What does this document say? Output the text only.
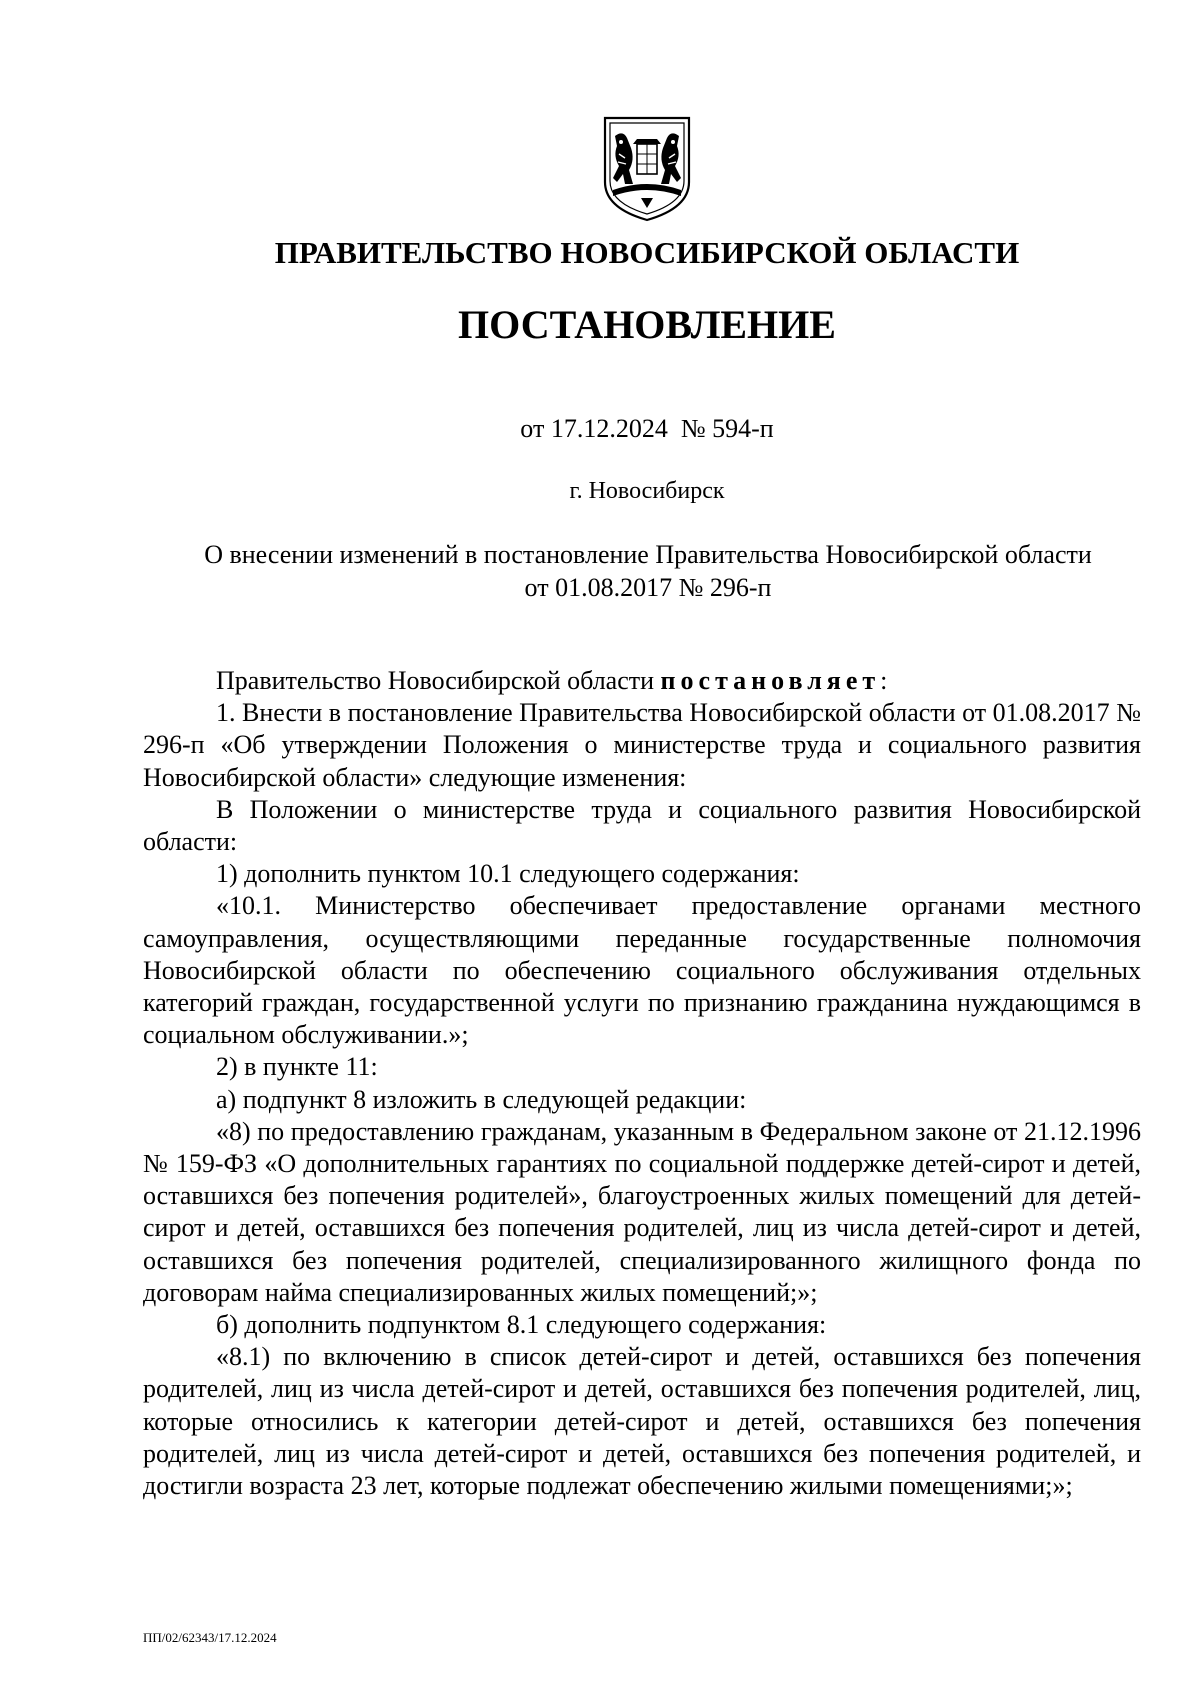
ПРАВИТЕЛЬСТВО НОВОСИБИРСКОЙ ОБЛАСТИ
ПОСТАНОВЛЕНИЕ
от 17.12.2024  № 594-п
г. Новосибирск
О внесении изменений в постановление Правительства Новосибирской области
от 01.08.2017 № 296-п

Правительство Новосибирской области постановляет:

1. Внести в постановление Правительства Новосибирской области от 01.08.2017 № 296-п «Об утверждении Положения о министерстве труда и социального развития Новосибирской области» следующие изменения:

В Положении о министерстве труда и социального развития Новосибирской области:

1) дополнить пунктом 10.1 следующего содержания:

«10.1. Министерство обеспечивает предоставление органами местного самоуправления, осуществляющими переданные государственные полномочия Новосибирской области по обеспечению социального обслуживания отдельных категорий граждан, государственной услуги по признанию гражданина нуждающимся в социальном обслуживании.»;

2) в пункте 11:

а) подпункт 8 изложить в следующей редакции:

«8) по предоставлению гражданам, указанным в Федеральном законе от 21.12.1996 № 159-ФЗ «О дополнительных гарантиях по социальной поддержке детей-сирот и детей, оставшихся без попечения родителей», благоустроенных жилых помещений для детей-сирот и детей, оставшихся без попечения родителей, лиц из числа детей-сирот и детей, оставшихся без попечения родителей, специализированного жилищного фонда по договорам найма специализированных жилых помещений;»;

б) дополнить подпунктом 8.1 следующего содержания:

«8.1) по включению в список детей-сирот и детей, оставшихся без попечения родителей, лиц из числа детей-сирот и детей, оставшихся без попечения родителей, лиц, которые относились к категории детей-сирот и детей, оставшихся без попечения родителей, лиц из числа детей-сирот и детей, оставшихся без попечения родителей, и достигли возраста 23 лет, которые подлежат обеспечению жилыми помещениями;»;

ПП/02/62343/17.12.2024
